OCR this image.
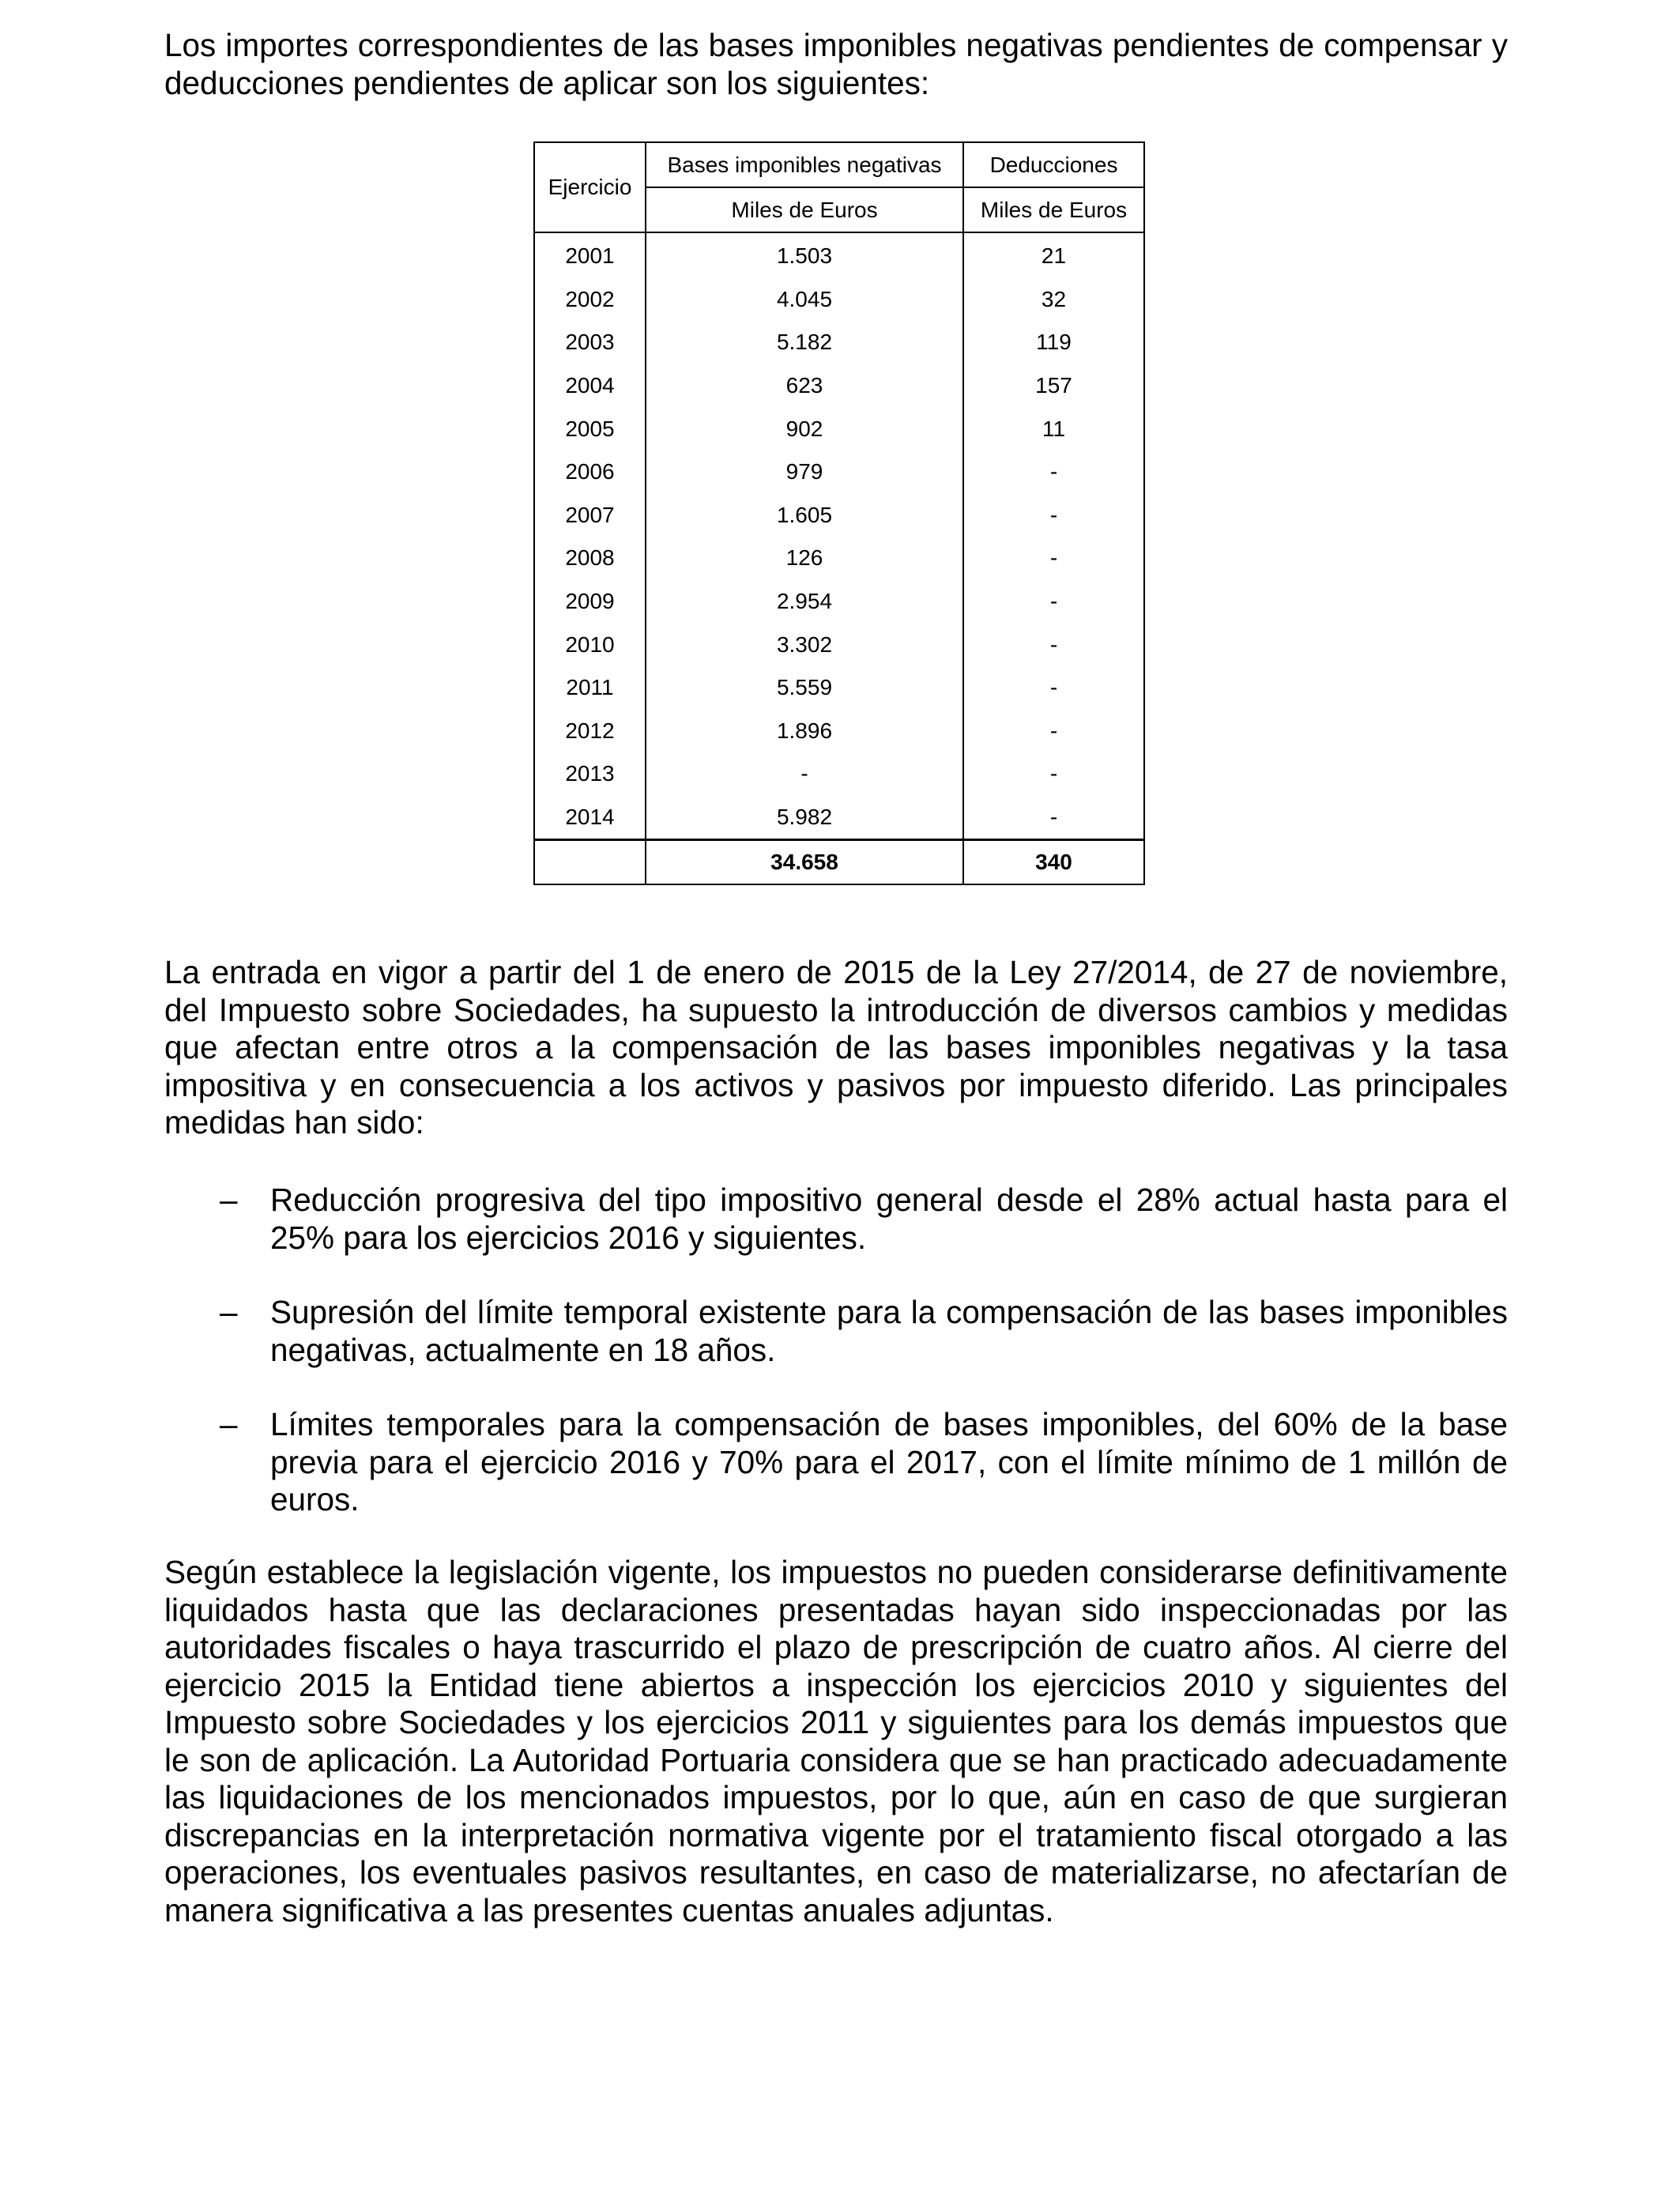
Los importes correspondientes de las bases imponibles negativas pendientes de compensar y deducciones pendientes de aplicar son los siguientes:

Ejercicio	Bases imponibles negativas	Deducciones
	Miles de Euros	Miles de Euros
2001	1.503	21
2002	4.045	32
2003	5.182	119
2004	623	157
2005	902	11
2006	979	-
2007	1.605	-
2008	126	-
2009	2.954	-
2010	3.302	-
2011	5.559	-
2012	1.896	-
2013	-	-
2014	5.982	-
	34.658	340

La entrada en vigor a partir del 1 de enero de 2015 de la Ley 27/2014, de 27 de noviembre, del Impuesto sobre Sociedades, ha supuesto la introducción de diversos cambios y medidas que afectan entre otros a la compensación de las bases imponibles negativas y la tasa impositiva y en consecuencia a los activos y pasivos por impuesto diferido. Las principales medidas han sido:

– Reducción progresiva del tipo impositivo general desde el 28% actual hasta para el 25% para los ejercicios 2016 y siguientes.
– Supresión del límite temporal existente para la compensación de las bases imponibles negativas, actualmente en 18 años.
– Límites temporales para la compensación de bases imponibles, del 60% de la base previa para el ejercicio 2016 y 70% para el 2017, con el límite mínimo de 1 millón de euros.

Según establece la legislación vigente, los impuestos no pueden considerarse definitivamente liquidados hasta que las declaraciones presentadas hayan sido inspeccionadas por las autoridades fiscales o haya trascurrido el plazo de prescripción de cuatro años. Al cierre del ejercicio 2015 la Entidad tiene abiertos a inspección los ejercicios 2010 y siguientes del Impuesto sobre Sociedades y los ejercicios 2011 y siguientes para los demás impuestos que le son de aplicación. La Autoridad Portuaria considera que se han practicado adecuadamente las liquidaciones de los mencionados impuestos, por lo que, aún en caso de que surgieran discrepancias en la interpretación normativa vigente por el tratamiento fiscal otorgado a las operaciones, los eventuales pasivos resultantes, en caso de materializarse, no afectarían de manera significativa a las presentes cuentas anuales adjuntas.
